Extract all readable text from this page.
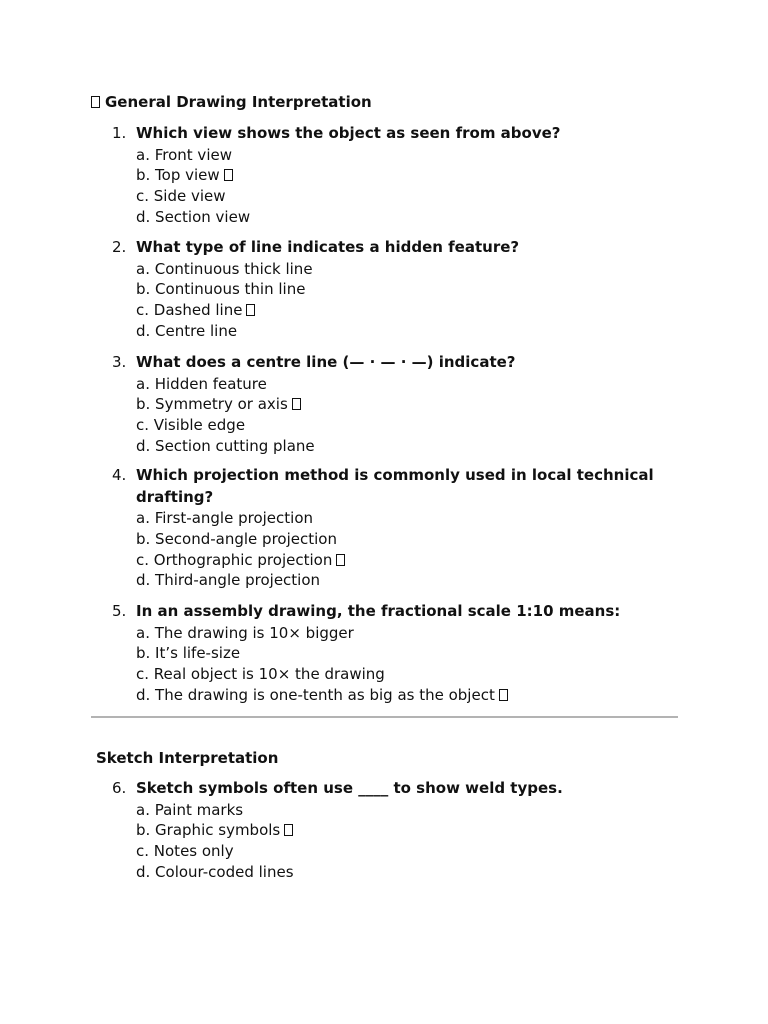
General Drawing Interpretation
1. Which view shows the object as seen from above?
a. Front view
b. Top view
c. Side view
d. Section view
2. What type of line indicates a hidden feature?
a. Continuous thick line
b. Continuous thin line
c. Dashed line
d. Centre line
3. What does a centre line (— · — · —) indicate?
a. Hidden feature
b. Symmetry or axis
c. Visible edge
d. Section cutting plane
4. Which projection method is commonly used in local technical drafting?
a. First-angle projection
b. Second-angle projection
c. Orthographic projection
d. Third-angle projection
5. In an assembly drawing, the fractional scale 1:10 means:
a. The drawing is 10× bigger
b. It’s life-size
c. Real object is 10× the drawing
d. The drawing is one-tenth as big as the object
6. Sketch symbols often use ____ to show weld types.
a. Paint marks
b. Graphic symbols
c. Notes only
d. Colour-coded lines
Sketch Interpretation
